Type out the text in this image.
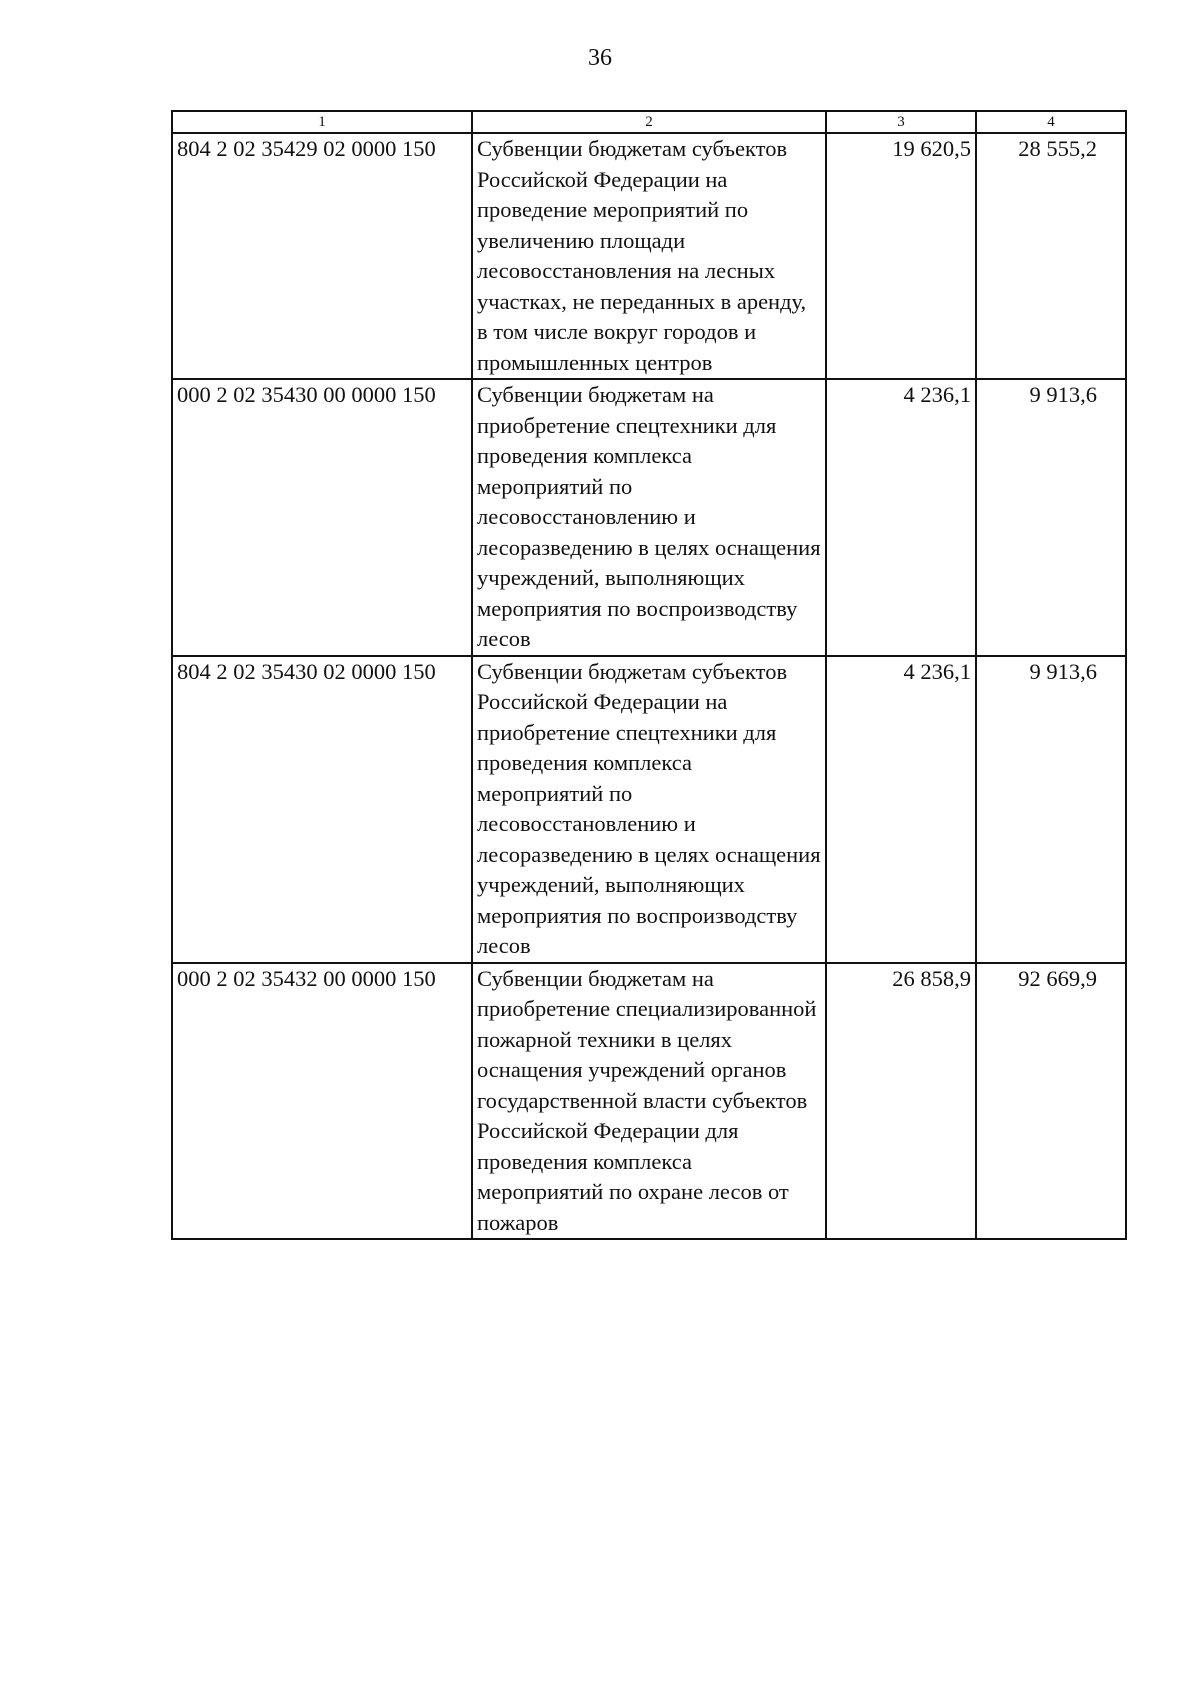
36
1	2	3	4
804 2 02 35429 02 0000 150	Субвенции бюджетам субъектов Российской Федерации на проведение мероприятий по увеличению площади лесовосстановления на лесных участках, не переданных в аренду, в том числе вокруг городов и промышленных центров	19 620,5	28 555,2
000 2 02 35430 00 0000 150	Субвенции бюджетам на приобретение спецтехники для проведения комплекса мероприятий по лесовосстановлению и лесоразведению в целях оснащения учреждений, выполняющих мероприятия по воспроизводству лесов	4 236,1	9 913,6
804 2 02 35430 02 0000 150	Субвенции бюджетам субъектов Российской Федерации на приобретение спецтехники для проведения комплекса мероприятий по лесовосстановлению и лесоразведению в целях оснащения учреждений, выполняющих мероприятия по воспроизводству лесов	4 236,1	9 913,6
000 2 02 35432 00 0000 150	Субвенции бюджетам на приобретение специализированной пожарной техники в целях оснащения учреждений органов государственной власти субъектов Российской Федерации для проведения комплекса мероприятий по охране лесов от пожаров	26 858,9	92 669,9
